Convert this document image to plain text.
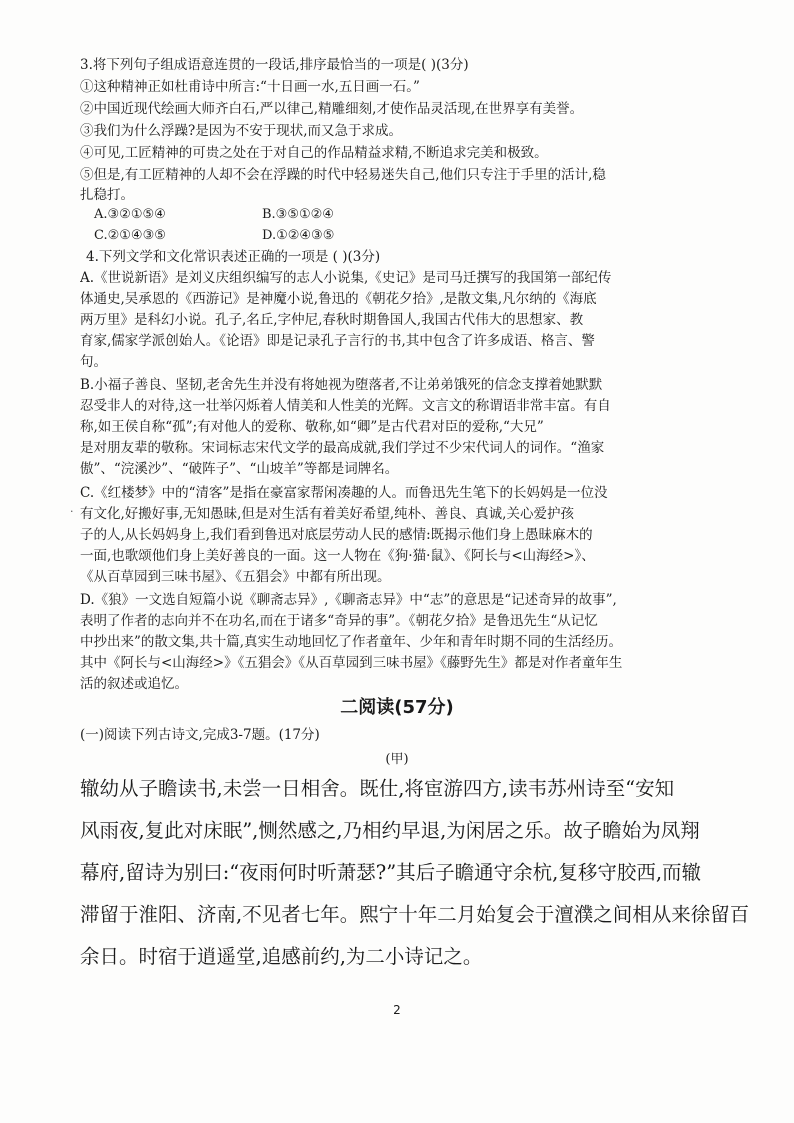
3.将下列句子组成语意连贯的一段话,排序最恰当的一项是( )(3分)
①这种精神正如杜甫诗中所言:“十日画一水,五日画一石。”
②中国近现代绘画大师齐白石,严以律己,精雕细刻,才使作品灵活现,在世界享有美誉。
③我们为什么浮躁?是因为不安于现状,而又急于求成。
④可见,工匠精神的可贵之处在于对自己的作品精益求精,不断追求完美和极致。
⑤但是,有工匠精神的人却不会在浮躁的时代中轻易迷失自己,他们只专注于手里的活计,稳
扎稳打。
A.③②①⑤④	B.③⑤①②④
C.②①④③⑤	D.①②④③⑤
4.下列文学和文化常识表述正确的一项是 ( )(3分)
A.《世说新语》是刘义庆组织编写的志人小说集,《史记》是司马迁撰写的我国第一部纪传
体通史,吴承恩的《西游记》是神魔小说,鲁迅的《朝花夕拾》,是散文集,凡尔纳的《海底
两万里》是科幻小说。孔子,名丘,字仲尼,春秋时期鲁国人,我国古代伟大的思想家、教
育家,儒家学派创始人。《论语》即是记录孔子言行的书,其中包含了许多成语、格言、警
句。
B.小福子善良、坚韧,老舍先生并没有将她视为堕落者,不让弟弟饿死的信念支撑着她默默
忍受非人的对待,这一壮举闪烁着人情美和人性美的光辉。文言文的称谓语非常丰富。有自
称,如王侯自称“孤”;有对他人的爱称、敬称,如“卿”是古代君对臣的爱称,“大兄”
是对朋友辈的敬称。宋词标志宋代文学的最高成就,我们学过不少宋代词人的词作。“渔家
傲”、“浣溪沙”、“破阵子”、“山坡羊”等都是词牌名。
C.《红楼梦》中的“清客”是指在豪富家帮闲凑趣的人。而鲁迅先生笔下的长妈妈是一位没
有文化,好搬好事,无知愚昧,但是对生活有着美好希望,纯朴、善良、真诚,关心爱护孩
子的人,从长妈妈身上,我们看到鲁迅对底层劳动人民的感情:既揭示他们身上愚昧麻木的
一面,也歌颂他们身上美好善良的一面。这一人物在《狗·猫·鼠》、《阿长与<山海经>》、
《从百草园到三味书屋》、《五猖会》中都有所出现。
D.《狼》一文选自短篇小说《聊斋志异》,《聊斋志异》中“志”的意思是“记述奇异的故事”,
表明了作者的志向并不在功名,而在于诸多“奇异的事”。《朝花夕拾》是鲁迅先生“从记忆
中抄出来”的散文集,共十篇,真实生动地回忆了作者童年、少年和青年时期不同的生活经历。
其中《阿长与<山海经>》《五猖会》《从百草园到三味书屋》《藤野先生》都是对作者童年生
活的叙述或追忆。
二阅读(57分)
(一)阅读下列古诗文,完成3-7题。(17分)
(甲)
辙幼从子瞻读书,未尝一日相舍。既仕,将宦游四方,读韦苏州诗至“安知
风雨夜,复此对床眠”,恻然感之,乃相约早退,为闲居之乐。故子瞻始为凤翔
幕府,留诗为别曰:“夜雨何时听萧瑟?”其后子瞻通守余杭,复移守胶西,而辙
滞留于淮阳、济南,不见者七年。熙宁十年二月始复会于澶濮之间相从来徐留百
余日。时宿于逍遥堂,追感前约,为二小诗记之。
·
2
